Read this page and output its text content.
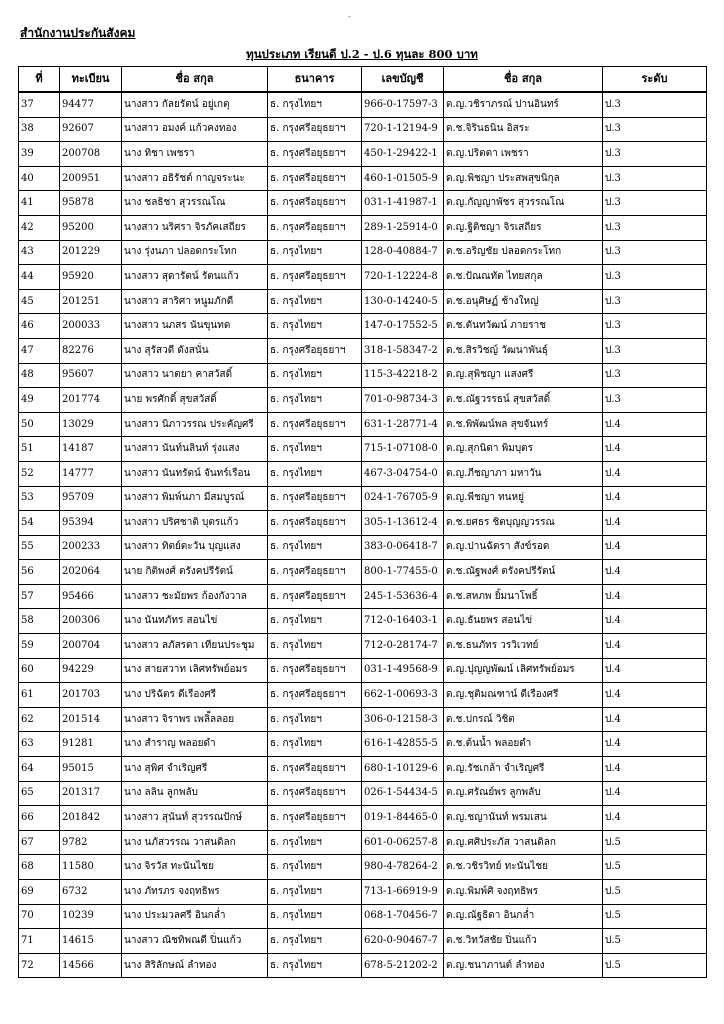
-
สำนักงานประกันสังคม
ทุนประเภท เรียนดี ป.2 - ป.6 ทุนละ 800 บาท
ที่	ทะเบียน	ชื่อ สกุล	ธนาคาร	เลขบัญชี	ชื่อ สกุล	ระดับ
37	94477	นางสาว กัลยรัตน์ อยู่เกตุ	ธ. กรุงไทยฯ	966-0-17597-3	ด.ญ.วชิราภรณ์ ปานอินทร์	ป.3
38	92607	นางสาว อมงค์ แก้วคงทอง	ธ. กรุงศรีอยุธยาฯ	720-1-12194-9	ด.ช.จิรินธนิน อิสระ	ป.3
39	200708	นาง ทิชา เพชรา	ธ. กรุงศรีอยุธยาฯ	450-1-29422-1	ด.ญ.ปริตตา เพชรา	ป.3
40	200951	นางสาว อธิรัชต์ กาญจระนะ	ธ. กรุงศรีอยุธยาฯ	460-1-01505-9	ด.ญ.พิชญา ประสพสุขนิกุล	ป.3
41	95878	นาง ชลธิชา สุวรรณโณ	ธ. กรุงศรีอยุธยาฯ	031-1-41987-1	ด.ญ.กัญญาพัชร สุวรรณโณ	ป.3
42	95200	นางสาว นริศรา จิรภัคเสถียร	ธ. กรุงศรีอยุธยาฯ	289-1-25914-0	ด.ญ.ฐิติชญา จิรเสถียร	ป.3
43	201229	นาง รุ่งนภา ปลอดกระโทก	ธ. กรุงไทยฯ	128-0-40884-7	ด.ช.อริญชัย ปลอดกระโทก	ป.3
44	95920	นางสาว สุดารัตน์ รัตนแก้ว	ธ. กรุงศรีอยุธยาฯ	720-1-12224-8	ด.ช.ปัณณทัต ไทยสกุล	ป.3
45	201251	นางสาว สาริศา หนูมภักดี	ธ. กรุงไทยฯ	130-0-14240-5	ด.ช.อนุศิษฏ์ ช้างใหญ่	ป.3
46	200033	นางสาว นภสร นันขุนทด	ธ. กรุงไทยฯ	147-0-17552-5	ด.ช.ตันทวัฒน์ ภายราช	ป.3
47	82276	นาง สุรัสวดี ดังสนั่น	ธ. กรุงศรีอยุธยาฯ	318-1-58347-2	ด.ช.สิรวิชญ์ วัฒนาพันธุ์	ป.3
48	95607	นางสาว นาตยา คาสวัสดิ์	ธ. กรุงไทยฯ	115-3-42218-2	ด.ญ.สุพิชญา แสงศรี	ป.3
49	201774	นาย พรศักดิ์ สุขสวัสดิ์	ธ. กรุงไทยฯ	701-0-98734-3	ด.ช.ณัฐวรรธน์ สุขสวัสดิ์	ป.3
50	13029	นางสาว นิภาวรรณ ประคัญศรี	ธ. กรุงศรีอยุธยาฯ	631-1-28771-4	ด.ช.พิพัฒน์พล สุขจันทร์	ป.4
51	14187	นางสาว นันท์นลินท์ รุ่งแสง	ธ. กรุงไทยฯ	715-1-07108-0	ด.ญ.สุกนิดา พิมบุตร	ป.4
52	14777	นางสาว นันทรัตน์ จันทร์เรือน	ธ. กรุงไทยฯ	467-3-04754-0	ด.ญ.ภีชญาภา มหาวัน	ป.4
53	95709	นางสาว พิมพ์นภา มีสมบูรณ์	ธ. กรุงศรีอยุธยาฯ	024-1-76705-9	ด.ญ.พีชญา ทนหยู่	ป.4
54	95394	นางสาว ปริศชาติ บุตรแก้ว	ธ. กรุงศรีอยุธยาฯ	305-1-13612-4	ด.ช.ยศธร ชิตบุญญวรรณ	ป.4
55	200233	นางสาว ทิตย์ตะวัน บุญแสง	ธ. กรุงไทยฯ	383-0-06418-7	ด.ญ.ปานฉัตรา สังข์รอด	ป.4
56	202064	นาย กิติพงศ์ ตรังคปรีรัตน์	ธ. กรุงศรีอยุธยาฯ	800-1-77455-0	ด.ช.ณัฐพงศ์ ตรังคปรีรัตน์	ป.4
57	95466	นางสาว ชะมัยพร ก้องกังวาล	ธ. กรุงศรีอยุธยาฯ	245-1-53636-4	ด.ช.สหภพ ยิ้มนาโพธิ์	ป.4
58	200306	นาง นันทภัทร สอนไข่	ธ. กรุงไทยฯ	712-0-16403-1	ด.ญ.ธันยพร สอนไข่	ป.4
59	200704	นางสาว ลภัสรดา เทียนประชุม	ธ. กรุงไทยฯ	712-0-28174-7	ด.ช.ธนภัทร วรวิเวทย์	ป.4
60	94229	นาง สายสวาท เลิศทรัพย์อมร	ธ. กรุงศรีอยุธยาฯ	031-1-49568-9	ด.ญ.ปุญญพัฒน์ เลิศทรัพย์อมร	ป.4
61	201703	นาง ปริฉัตร ดีเรืองศรี	ธ. กรุงศรีอยุธยาฯ	662-1-00693-3	ด.ญ.ชุติมณฑาน์ ดีเรืองศรี	ป.4
62	201514	นางสาว จิราพร เพลิ็ลลอย	ธ. กรุงไทยฯ	306-0-12158-3	ด.ช.ปกรณ์ วิชิต	ป.4
63	91281	นาง สำราญ พลอยดำ	ธ. กรุงไทยฯ	616-1-42855-5	ด.ช.ต้นน้ำ พลอยดำ	ป.4
64	95015	นาง สุพิศ จำเริญศรี	ธ. กรุงศรีอยุธยาฯ	680-1-10129-6	ด.ญ.รัชเกล้า จำเริญศรี	ป.4
65	201317	นาง ลลิน ลูกพลับ	ธ. กรุงศรีอยุธยาฯ	026-1-54434-5	ด.ญ.ศรัณย์พร ลูกพลับ	ป.4
66	201842	นางสาว สุนันท์ สุวรรณปักษ์	ธ. กรุงศรีอยุธยาฯ	019-1-84465-0	ด.ญ.ชญานันท์ พรมเสน	ป.4
67	9782	นาง นภัสวรรณ วาสนดิลก	ธ. กรุงไทยฯ	601-0-06257-8	ด.ญ.ศศิประภัส วาสนดิลก	ป.5
68	11580	นาง จิรวัส ทะนันไชย	ธ. กรุงไทยฯ	980-4-78264-2	ด.ช.วชิรวิทย์ ทะนันไชย	ป.5
69	6732	นาง ภัทรภร จงฤทธิพร	ธ. กรุงไทยฯ	713-1-66919-9	ด.ญ.พิมพ์ศิ จงฤทธิพร	ป.5
70	10239	นาง ประมวลศรี อินกล่ำ	ธ. กรุงไทยฯ	068-1-70456-7	ด.ญ.ณัฐธิดา อินกล่ำ	ป.5
71	14615	นางสาว ณิชทิพณดี ปิ่นแก้ว	ธ. กรุงไทยฯ	620-0-90467-7	ด.ช.วิทวัสชัย ปิ่นแก้ว	ป.5
72	14566	นาง สิริลักษณ์ ลำทอง	ธ. กรุงไทยฯ	678-5-21202-2	ด.ญ.ชนาภานต์ ลำทอง	ป.5
